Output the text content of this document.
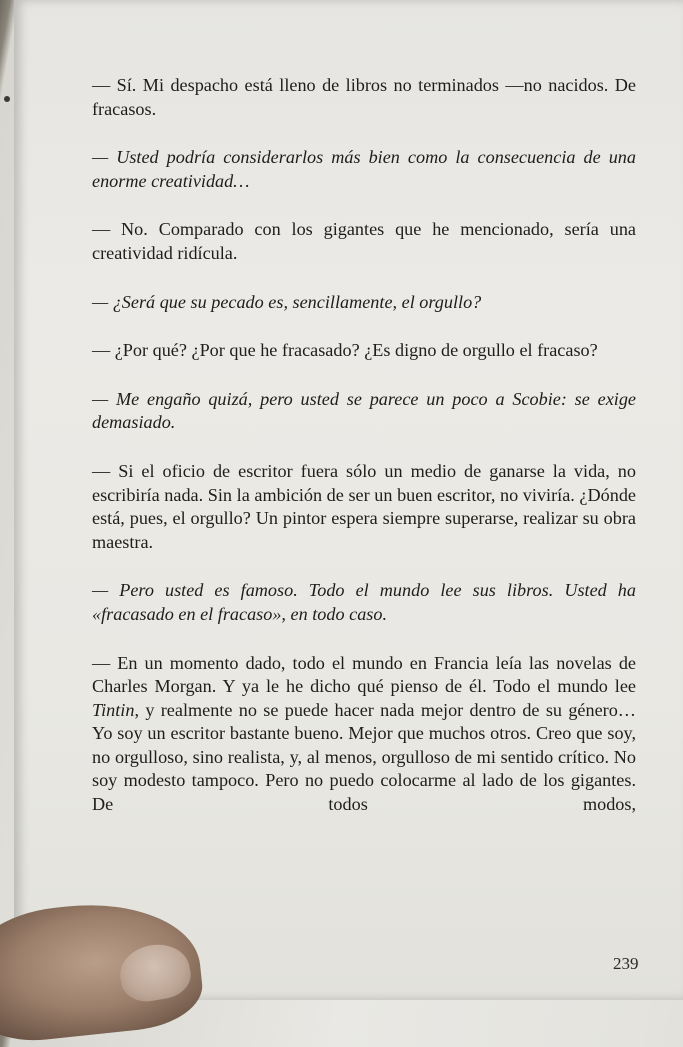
— Sí. Mi despacho está lleno de libros no terminados —no nacidos. De fracasos.

— Usted podría considerarlos más bien como la consecuencia de una enorme creatividad…

— No. Comparado con los gigantes que he mencionado, sería una creatividad ridícula.

— ¿Será que su pecado es, sencillamente, el orgullo?

— ¿Por qué? ¿Por que he fracasado? ¿Es digno de orgullo el fracaso?

— Me engaño quizá, pero usted se parece un poco a Scobie: se exige demasiado.

— Si el oficio de escritor fuera sólo un medio de ganarse la vida, no escribiría nada. Sin la ambición de ser un buen escritor, no viviría. ¿Dónde está, pues, el orgullo? Un pintor espera siempre superarse, realizar su obra maestra.

— Pero usted es famoso. Todo el mundo lee sus libros. Usted ha «fracasado en el fracaso», en todo caso.

— En un momento dado, todo el mundo en Francia leía las novelas de Charles Morgan. Y ya le he dicho qué pienso de él. Todo el mundo lee Tintin, y realmente no se puede hacer nada mejor dentro de su género… Yo soy un escritor bastante bueno. Mejor que muchos otros. Creo que soy, no orgulloso, sino realista, y, al menos, orgulloso de mi sentido crítico. No soy modesto tampoco. Pero no puedo colocarme al lado de los gigantes. De todos modos,

239
